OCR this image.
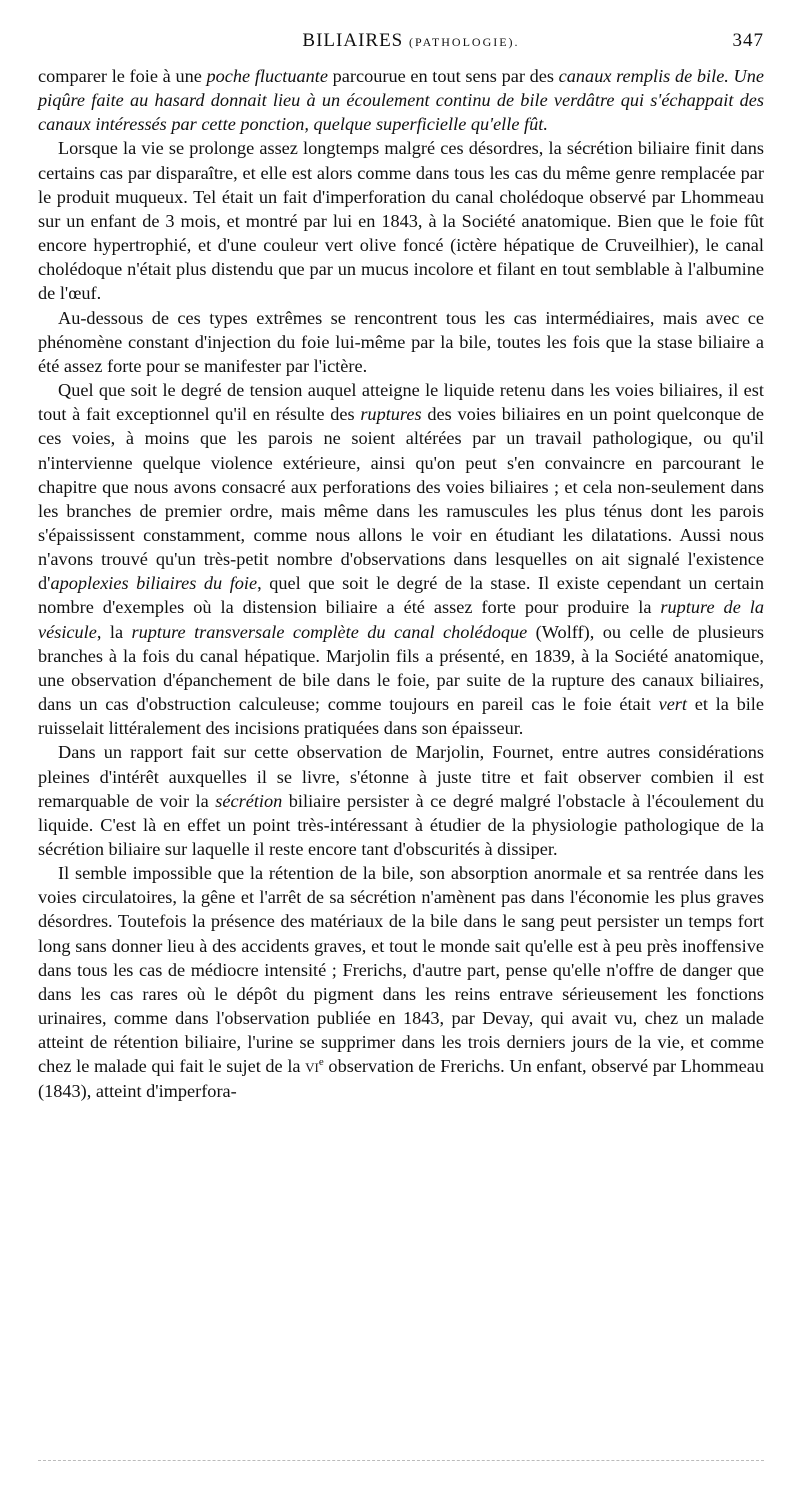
BILIAIRES (PATHOLOGIE).	347

comparer le foie à une poche fluctuante parcourue en tout sens par des canaux remplis de bile. Une piqûre faite au hasard donnait lieu à un écoulement continu de bile verdâtre qui s'échappait des canaux intéressés par cette ponction, quelque superficielle qu'elle fût.

Lorsque la vie se prolonge assez longtemps malgré ces désordres, la sécrétion biliaire finit dans certains cas par disparaître, et elle est alors comme dans tous les cas du même genre remplacée par le produit muqueux. Tel était un fait d'imperforation du canal cholédoque observé par Lhommeau sur un enfant de 3 mois, et montré par lui en 1843, à la Société anatomique. Bien que le foie fût encore hypertrophié, et d'une couleur vert olive foncé (ictère hépatique de Cruveilhier), le canal cholédoque n'était plus distendu que par un mucus incolore et filant en tout semblable à l'albumine de l'œuf.

Au-dessous de ces types extrêmes se rencontrent tous les cas intermédiaires, mais avec ce phénomène constant d'injection du foie lui-même par la bile, toutes les fois que la stase biliaire a été assez forte pour se manifester par l'ictère.

Quel que soit le degré de tension auquel atteigne le liquide retenu dans les voies biliaires, il est tout à fait exceptionnel qu'il en résulte des ruptures des voies biliaires en un point quelconque de ces voies, à moins que les parois ne soient altérées par un travail pathologique, ou qu'il n'intervienne quelque violence extérieure, ainsi qu'on peut s'en convaincre en parcourant le chapitre que nous avons consacré aux perforations des voies biliaires ; et cela non-seulement dans les branches de premier ordre, mais même dans les ramuscules les plus ténus dont les parois s'épaississent constamment, comme nous allons le voir en étudiant les dilatations. Aussi nous n'avons trouvé qu'un très-petit nombre d'observations dans lesquelles on ait signalé l'existence d'apoplexies biliaires du foie, quel que soit le degré de la stase. Il existe cependant un certain nombre d'exemples où la distension biliaire a été assez forte pour produire la rupture de la vésicule, la rupture transversale complète du canal cholédoque (Wolff), ou celle de plusieurs branches à la fois du canal hépatique. Marjolin fils a présenté, en 1839, à la Société anatomique, une observation d'épanchement de bile dans le foie, par suite de la rupture des canaux biliaires, dans un cas d'obstruction calculeuse; comme toujours en pareil cas le foie était vert et la bile ruisselait littéralement des incisions pratiquées dans son épaisseur.

Dans un rapport fait sur cette observation de Marjolin, Fournet, entre autres considérations pleines d'intérêt auxquelles il se livre, s'étonne à juste titre et fait observer combien il est remarquable de voir la sécrétion biliaire persister à ce degré malgré l'obstacle à l'écoulement du liquide. C'est là en effet un point très-intéressant à étudier de la physiologie pathologique de la sécrétion biliaire sur laquelle il reste encore tant d'obscurités à dissiper.

Il semble impossible que la rétention de la bile, son absorption anormale et sa rentrée dans les voies circulatoires, la gêne et l'arrêt de sa sécrétion n'amènent pas dans l'économie les plus graves désordres. Toutefois la présence des matériaux de la bile dans le sang peut persister un temps fort long sans donner lieu à des accidents graves, et tout le monde sait qu'elle est à peu près inoffensive dans tous les cas de médiocre intensité ; Frerichs, d'autre part, pense qu'elle n'offre de danger que dans les cas rares où le dépôt du pigment dans les reins entrave sérieusement les fonctions urinaires, comme dans l'observation publiée en 1843, par Devay, qui avait vu, chez un malade atteint de rétention biliaire, l'urine se supprimer dans les trois derniers jours de la vie, et comme chez le malade qui fait le sujet de la $vi^e$ observation de Frerichs. Un enfant, observé par Lhommeau (1843), atteint d'imperfora-
